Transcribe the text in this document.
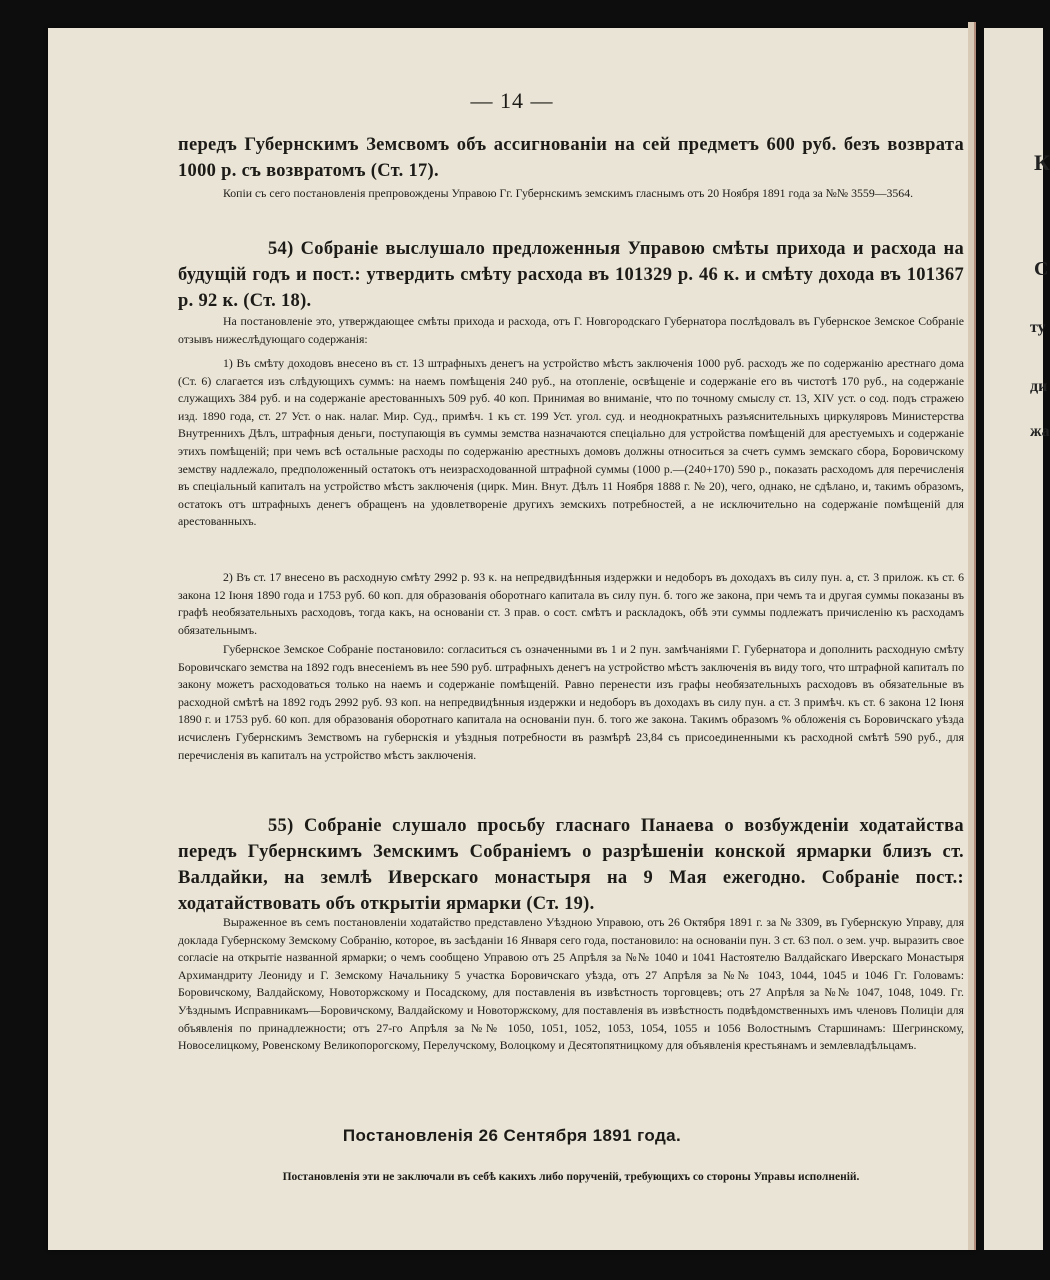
— 14 —
передъ Губернскимъ Земсвомъ объ ассигнованіи на сей предметъ 600 руб. безъ возврата 1000 р. съ возвратомъ (Ст. 17).
Копіи съ сего постановленія препровождены Управою Гг. Губернскимъ земскимъ гласнымъ отъ 20 Ноября 1891 года за №№ 3559—3564.
54) Собраніе выслушало предложенныя Управою смѣты прихода и расхода на будущій годъ и пост.: утвердить смѣту расхода въ 101329 р. 46 к. и смѣту дохода въ 101367 р. 92 к. (Ст. 18).
На постановленіе это, утверждающее смѣты прихода и расхода, отъ Г. Новгородскаго Губернатора послѣдовалъ въ Губернское Земское Собраніе отзывъ нижеслѣдующаго содержанія:
1) Въ смѣту доходовъ внесено въ ст. 13 штрафныхъ денегъ на устройство мѣстъ заключенія 1000 руб. расходъ же по содержанію арестнаго дома (Ст. 6) слагается изъ слѣдующихъ суммъ: на наемъ помѣщенія 240 руб., на отопленіе, освѣщеніе и содержаніе его въ чистотѣ 170 руб., на содержаніе служащихъ 384 руб. и на содержаніе арестованныхъ 509 руб. 40 коп. Принимая во вниманіе, что по точному смыслу ст. 13, XIV уст. о сод. подъ стражею изд. 1890 года, ст. 27 Уст. о нак. налаг. Мир. Суд., примѣч. 1 къ ст. 199 Уст. угол. суд. и неоднократныхъ разъяснительныхъ циркуляровъ Министерства Внутреннихъ Дѣлъ, штрафныя деньги, поступающія въ суммы земства назначаются спеціально для устройства помѣщеній для арестуемыхъ и содержаніе этихъ помѣщеній; при чемъ всѣ остальные расходы по содержанію арестныхъ домовъ должны относиться за счетъ суммъ земскаго сбора, Боровичскому земству надлежало, предположенный остатокъ отъ неизрасходованной штрафной суммы (1000 р.—(240+170) 590 р., показать расходомъ для перечисленія въ спеціальный капиталъ на устройство мѣстъ заключенія (цирк. Мин. Внут. Дѣлъ 11 Ноября 1888 г. № 20), чего, однако, не сдѣлано, и, такимъ образомъ, остатокъ отъ штрафныхъ денегъ обращенъ на удовлетвореніе другихъ земскихъ потребностей, а не исключительно на содержаніе помѣщеній для арестованныхъ.
2) Въ ст. 17 внесено въ расходную смѣту 2992 р. 93 к. на непредвидѣнныя издержки и недоборъ въ доходахъ въ силу пун. а, ст. 3 прилож. къ ст. 6 закона 12 Іюня 1890 года и 1753 руб. 60 коп. для образованія оборотнаго капитала въ силу пун. б. того же закона, при чемъ та и другая суммы показаны въ графѣ необязательныхъ расходовъ, тогда какъ, на основаніи ст. 3 прав. о сост. смѣтъ и раскладокъ, обѣ эти суммы подлежатъ причисленію къ расходамъ обязательнымъ.
Губернское Земское Собраніе постановило: согласиться съ означенными въ 1 и 2 пун. замѣчаніями Г. Губернатора и дополнить расходную смѣту Боровичскаго земства на 1892 годъ внесеніемъ въ нее 590 руб. штрафныхъ денегъ на устройство мѣстъ заключенія въ виду того, что штрафной капиталъ по закону можетъ расходоваться только на наемъ и содержаніе помѣщеній. Равно перенести изъ графы необязательныхъ расходовъ въ обязательные въ расходной смѣтѣ на 1892 годъ 2992 руб. 93 коп. на непредвидѣнныя издержки и недоборъ въ доходахъ въ силу пун. а ст. 3 примѣч. къ ст. 6 закона 12 Іюня 1890 г. и 1753 руб. 60 коп. для образованія оборотнаго капитала на основаніи пун. б. того же закона. Такимъ образомъ % обложенія съ Боровичскаго уѣзда исчисленъ Губернскимъ Земствомъ на губернскія и уѣздныя потребности въ размѣрѣ 23,84 съ присоединенными къ расходной смѣтѣ 590 руб., для перечисленія въ капиталъ на устройство мѣстъ заключенія.
55) Собраніе слушало просьбу гласнаго Панаева о возбужденіи ходатайства передъ Губернскимъ Земскимъ Собраніемъ о разрѣшеніи конской ярмарки близъ ст. Валдайки, на землѣ Иверскаго монастыря на 9 Мая ежегодно. Собраніе пост.: ходатайствовать объ открытіи ярмарки (Ст. 19).
Выраженное въ семъ постановленіи ходатайство представлено Уѣздною Управою, отъ 26 Октября 1891 г. за № 3309, въ Губернскую Управу, для доклада Губернскому Земскому Собранію, которое, въ засѣданіи 16 Января сего года, постановило: на основаніи пун. 3 ст. 63 пол. о зем. учр. выразить свое согласіе на открытіе названной ярмарки; о чемъ сообщено Управою отъ 25 Апрѣля за №№ 1040 и 1041 Настоятелю Валдайскаго Иверскаго Монастыря Архимандриту Леониду и Г. Земскому Начальнику 5 участка Боровичскаго уѣзда, отъ 27 Апрѣля за №№ 1043, 1044, 1045 и 1046 Гг. Головамъ: Боровичскому, Валдайскому, Новоторжскому и Посадскому, для поставленія въ извѣстность торговцевъ; отъ 27 Апрѣля за №№ 1047, 1048, 1049. Гг. Уѣзднымъ Исправникамъ—Боровичскому, Валдайскому и Новоторжскому, для поставленія въ извѣстность подвѣдомственныхъ имъ членовъ Полиціи для объявленія по принадлежности; отъ 27-го Апрѣля за №№ 1050, 1051, 1052, 1053, 1054, 1055 и 1056 Волостнымъ Старшинамъ: Шегринскому, Новоселицкому, Ровенскому Великопорогскому, Перелучскому, Волоцкому и Десятопятницкому для объявленія крестьянамъ и землевладѣльцамъ.
Постановленія 26 Сентября 1891 года.
Постановленія эти не заключали въ себѣ какихъ либо порученій, требующихъ со стороны Управы исполненій.
К
С
ту
ди
жа
